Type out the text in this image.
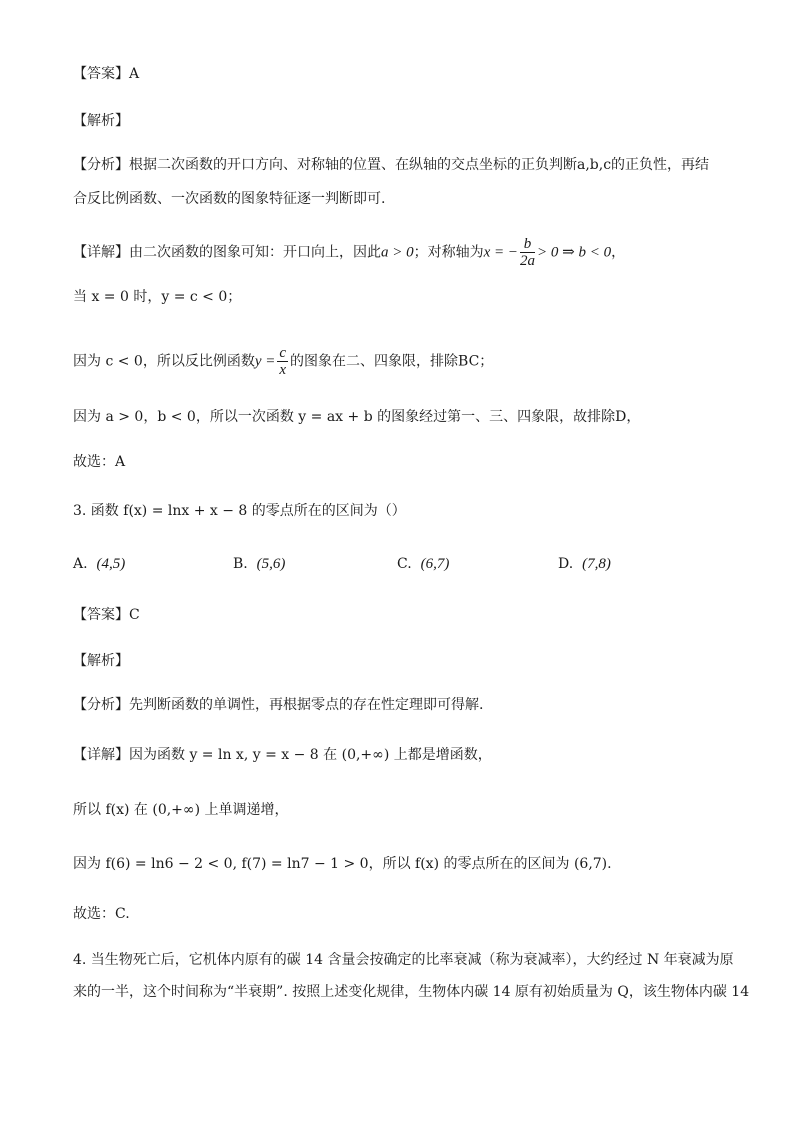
【答案】A
【解析】
【分析】根据二次函数的开口方向、对称轴的位置、在纵轴的交点坐标的正负判断a,b,c的正负性，再结
合反比例函数、一次函数的图象特征逐一判断即可.
【详解】由二次函数的图象可知：开口向上，因此a > 0；对称轴为x = − $\frac{b}{2a} > 0$ ⇒ b < 0，
当 x = 0 时，y = c < 0；
因为 c < 0，所以反比例函数$y = \frac{c}{x}$ 的图象在二、四象限，排除BC；
因为 a > 0，b < 0，所以一次函数 y = ax + b 的图象经过第一、三、四象限，故排除D，
故选：A
3. 函数 f(x) = lnx + x − 8 的零点所在的区间为（）
A. (4,5)	B. (5,6)	C. (6,7)	D. (7,8)
【答案】C
【解析】
【分析】先判断函数的单调性，再根据零点的存在性定理即可得解.
【详解】因为函数 y = ln x, y = x − 8 在 (0,+∞) 上都是增函数，
所以 f(x) 在 (0,+∞) 上单调递增，
因为 f(6) = ln6 − 2 < 0, f(7) = ln7 − 1 > 0，所以 f(x) 的零点所在的区间为 (6,7).
故选：C.
4. 当生物死亡后，它机体内原有的碳 14 含量会按确定的比率衰减（称为衰减率），大约经过 N 年衰减为原
来的一半，这个时间称为“半衰期”. 按照上述变化规律，生物体内碳 14 原有初始质量为 Q，该生物体内碳 14
